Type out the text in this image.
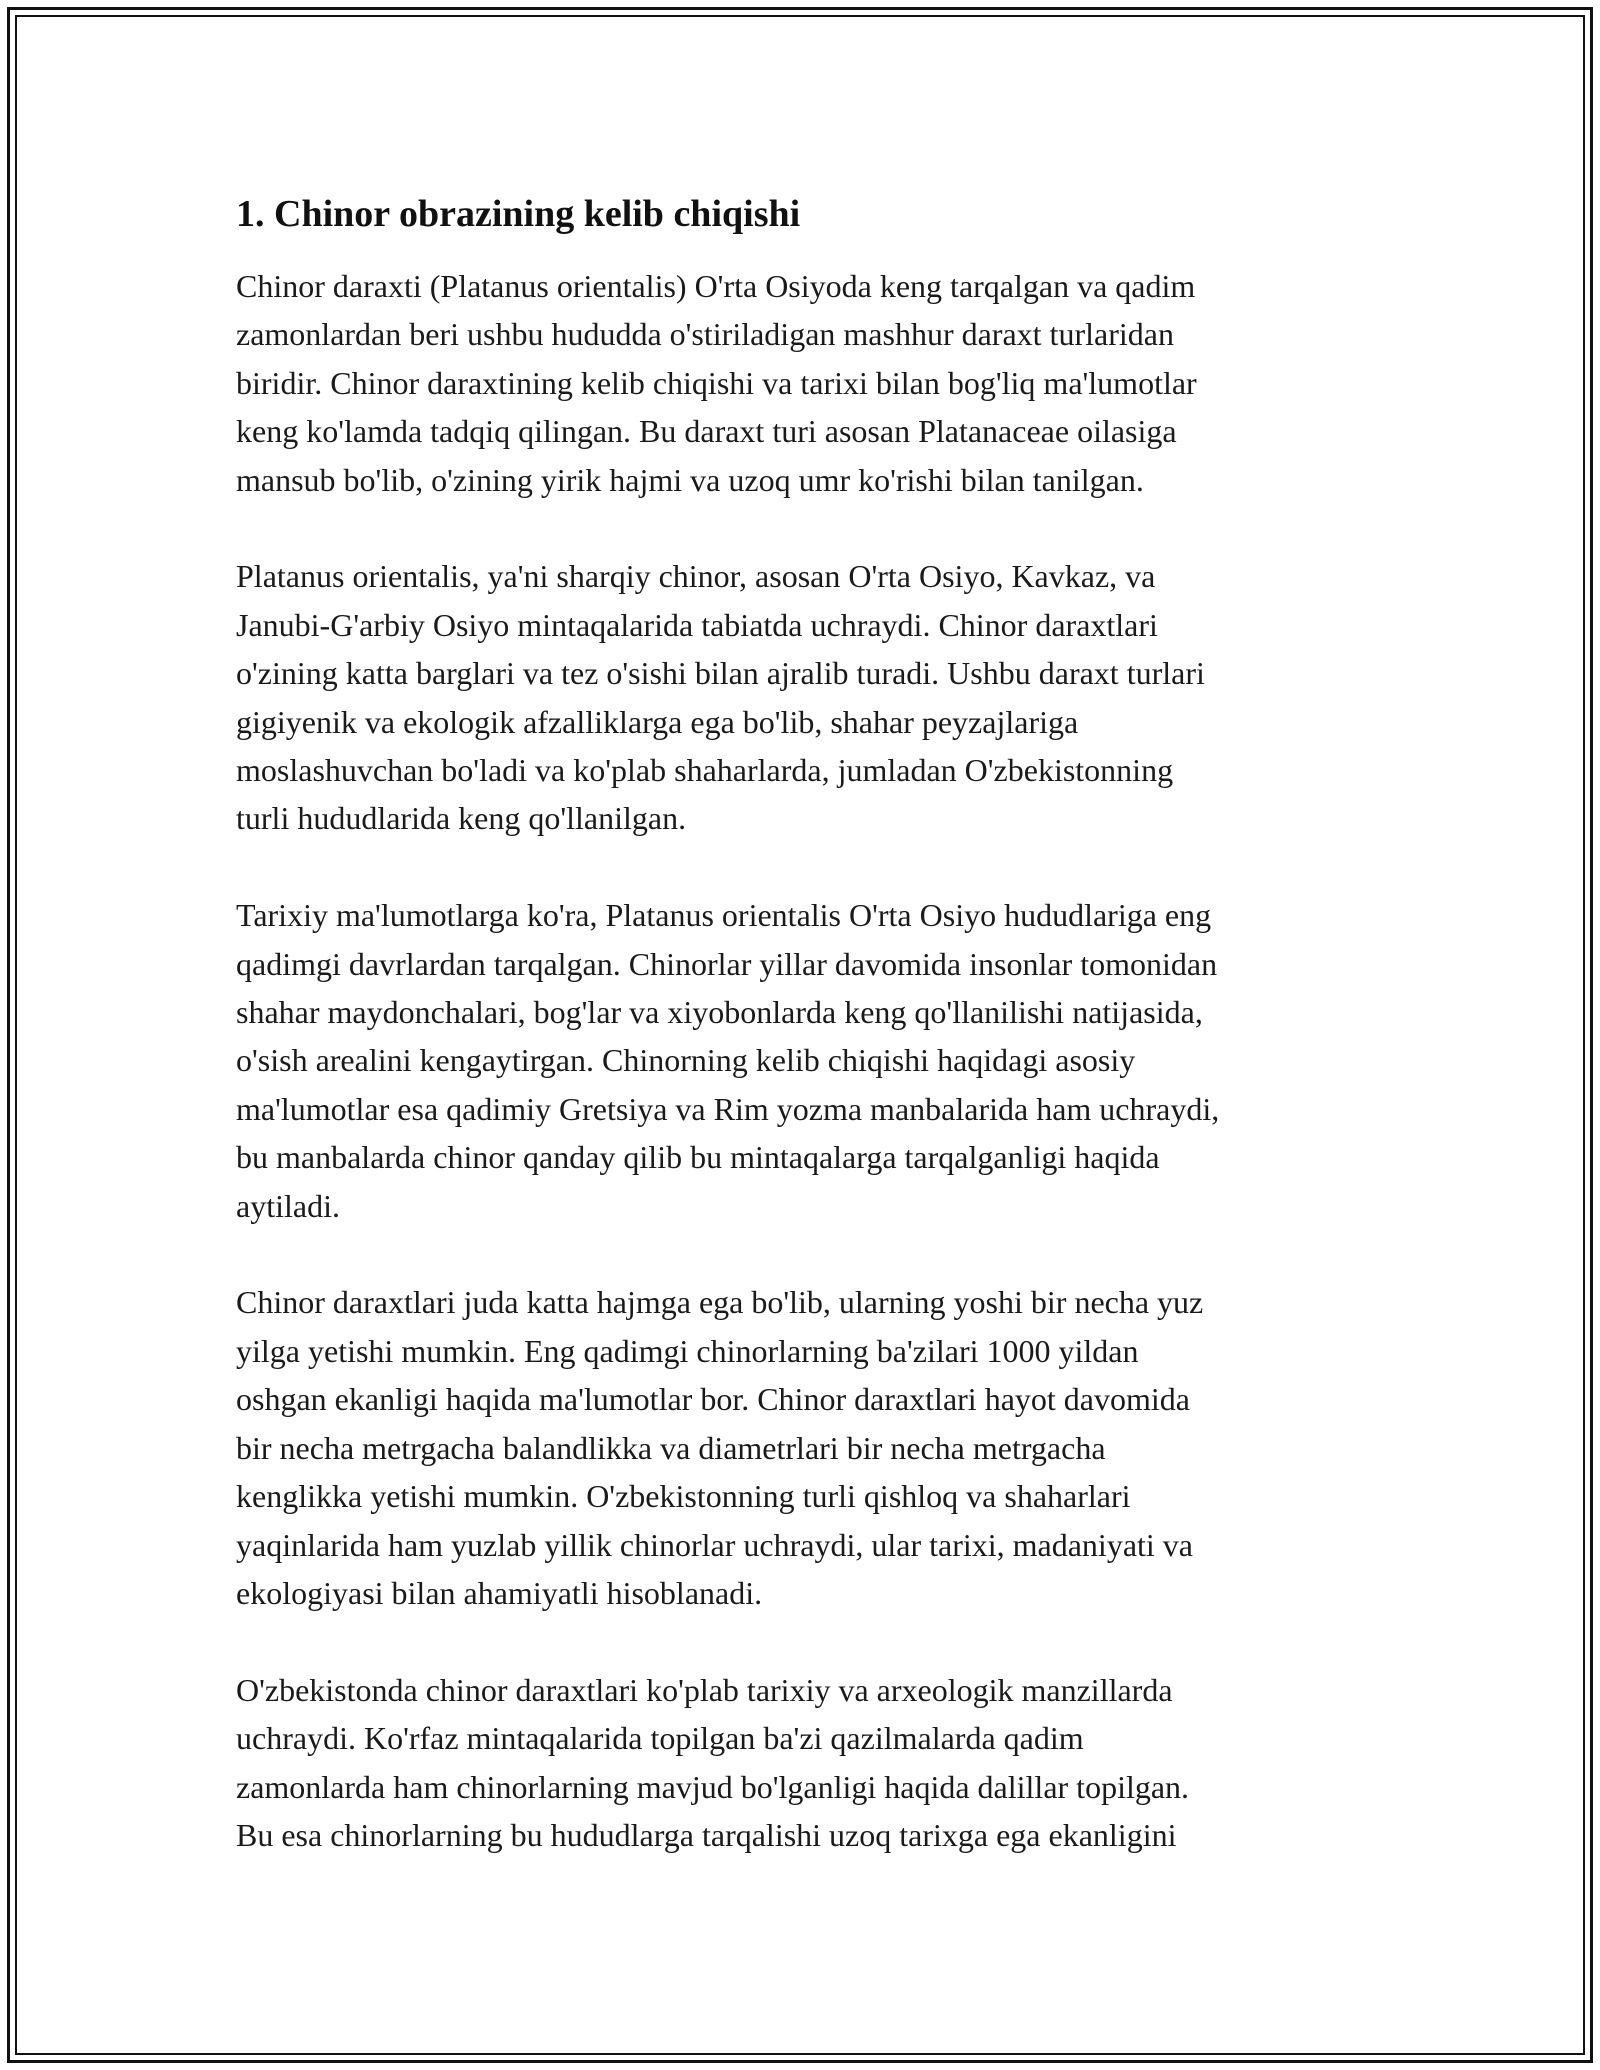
1. Chinor obrazining kelib chiqishi

Chinor daraxti (Platanus orientalis) O'rta Osiyoda keng tarqalgan va qadim
zamonlardan beri ushbu hududda o'stiriladigan mashhur daraxt turlaridan
biridir. Chinor daraxtining kelib chiqishi va tarixi bilan bog'liq ma'lumotlar
keng ko'lamda tadqiq qilingan. Bu daraxt turi asosan Platanaceae oilasiga
mansub bo'lib, o'zining yirik hajmi va uzoq umr ko'rishi bilan tanilgan.

Platanus orientalis, ya'ni sharqiy chinor, asosan O'rta Osiyo, Kavkaz, va
Janubi-G'arbiy Osiyo mintaqalarida tabiatda uchraydi. Chinor daraxtlari
o'zining katta barglari va tez o'sishi bilan ajralib turadi. Ushbu daraxt turlari
gigiyenik va ekologik afzalliklarga ega bo'lib, shahar peyzajlariga
moslashuvchan bo'ladi va ko'plab shaharlarda, jumladan O'zbekistonning
turli hududlarida keng qo'llanilgan.

Tarixiy ma'lumotlarga ko'ra, Platanus orientalis O'rta Osiyo hududlariga eng
qadimgi davrlardan tarqalgan. Chinorlar yillar davomida insonlar tomonidan
shahar maydonchalari, bog'lar va xiyobonlarda keng qo'llanilishi natijasida,
o'sish arealini kengaytirgan. Chinorning kelib chiqishi haqidagi asosiy
ma'lumotlar esa qadimiy Gretsiya va Rim yozma manbalarida ham uchraydi,
bu manbalarda chinor qanday qilib bu mintaqalarga tarqalganligi haqida
aytiladi.

Chinor daraxtlari juda katta hajmga ega bo'lib, ularning yoshi bir necha yuz
yilga yetishi mumkin. Eng qadimgi chinorlarning ba'zilari 1000 yildan
oshgan ekanligi haqida ma'lumotlar bor. Chinor daraxtlari hayot davomida
bir necha metrgacha balandlikka va diametrlari bir necha metrgacha
kenglikka yetishi mumkin. O'zbekistonning turli qishloq va shaharlari
yaqinlarida ham yuzlab yillik chinorlar uchraydi, ular tarixi, madaniyati va
ekologiyasi bilan ahamiyatli hisoblanadi.

O'zbekistonda chinor daraxtlari ko'plab tarixiy va arxeologik manzillarda
uchraydi. Ko'rfaz mintaqalarida topilgan ba'zi qazilmalarda qadim
zamonlarda ham chinorlarning mavjud bo'lganligi haqida dalillar topilgan.
Bu esa chinorlarning bu hududlarga tarqalishi uzoq tarixga ega ekanligini
